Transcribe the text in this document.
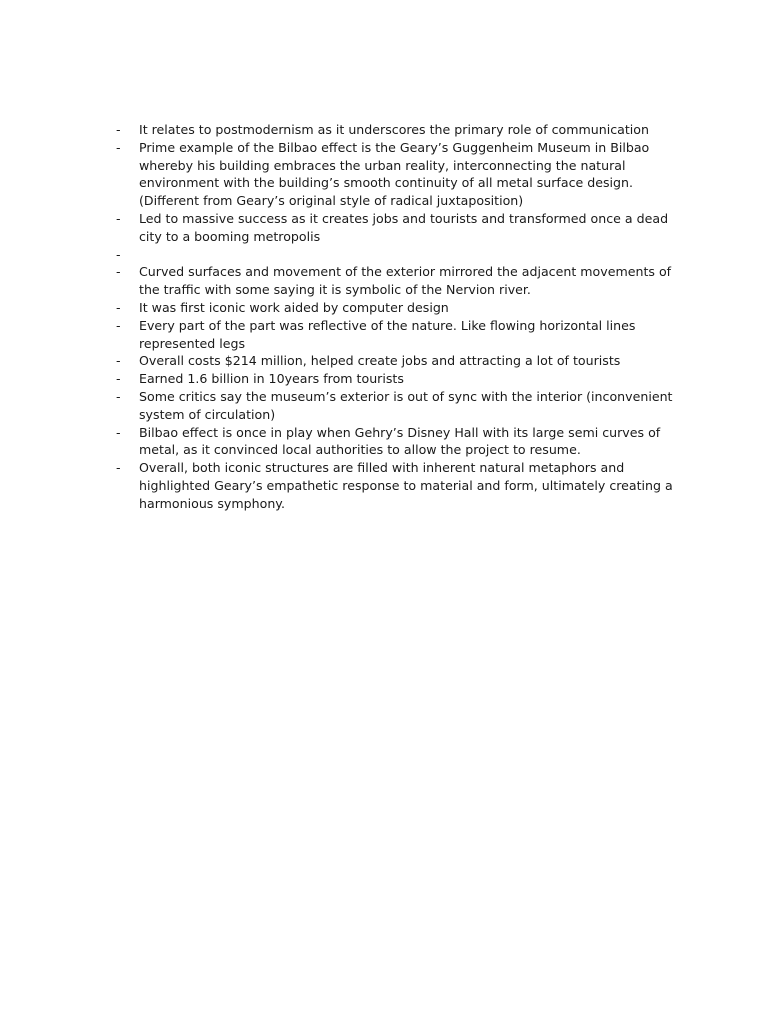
-	It relates to postmodernism as it underscores the primary role of communication
-	Prime example of the Bilbao effect is the Geary’s Guggenheim Museum in Bilbao whereby his building embraces the urban reality, interconnecting the natural environment with the building’s smooth continuity of all metal surface design. (Different from Geary’s original style of radical juxtaposition)
-	Led to massive success as it creates jobs and tourists and transformed once a dead city to a booming metropolis
-
-	Curved surfaces and movement of the exterior mirrored the adjacent movements of the traffic with some saying it is symbolic of the Nervion river.
-	It was first iconic work aided by computer design
-	Every part of the part was reflective of the nature. Like flowing horizontal lines represented legs
-	Overall costs $214 million, helped create jobs and attracting a lot of tourists
-	Earned 1.6 billion in 10years from tourists
-	Some critics say the museum’s exterior is out of sync with the interior (inconvenient system of circulation)
-	Bilbao effect is once in play when Gehry’s Disney Hall with its large semi curves of metal, as it convinced local authorities to allow the project to resume.
-	Overall, both iconic structures are filled with inherent natural metaphors and highlighted Geary’s empathetic response to material and form, ultimately creating a harmonious symphony.
